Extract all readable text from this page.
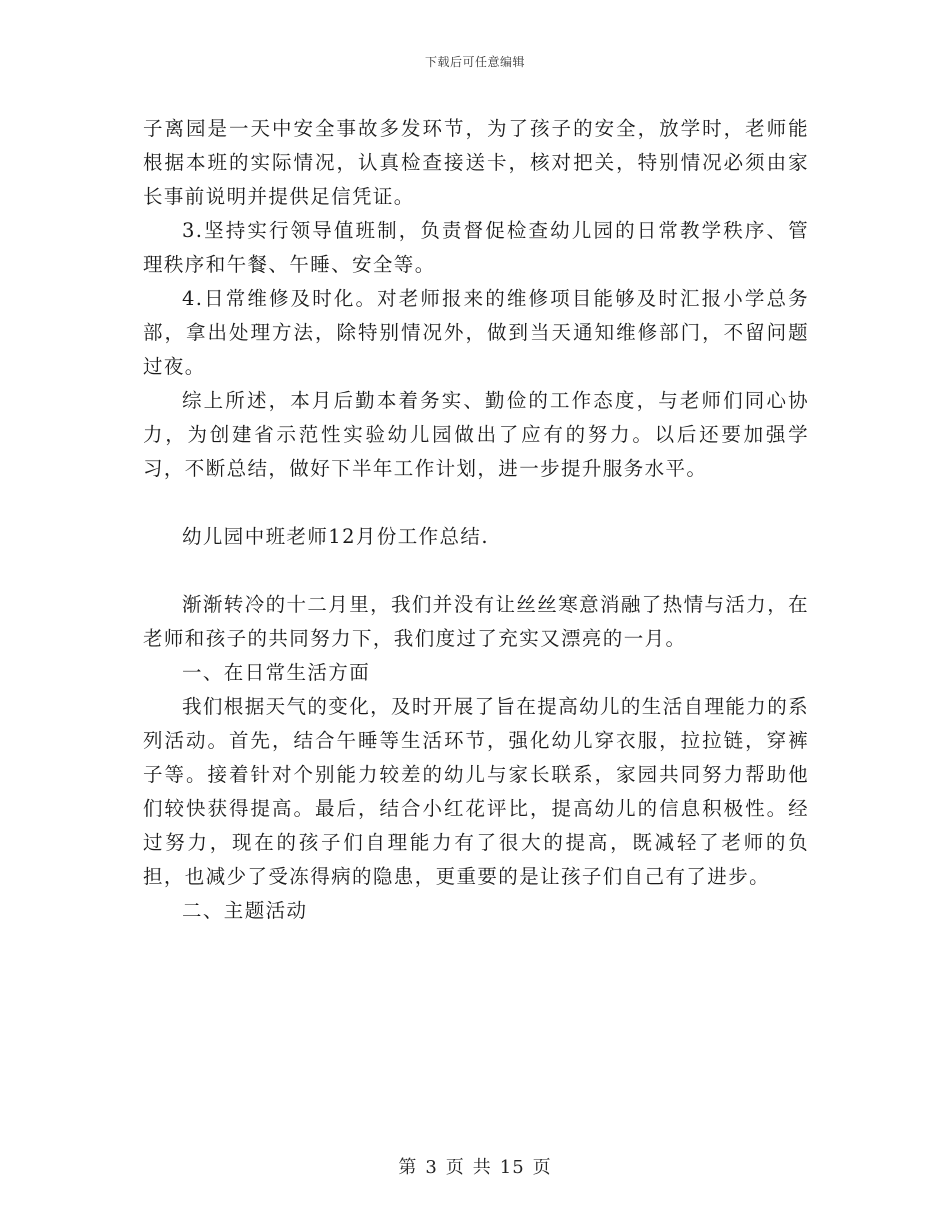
下载后可任意编辑

子离园是一天中安全事故多发环节，为了孩子的安全，放学时，老师能根据本班的实际情况，认真检查接送卡，核对把关，特别情况必须由家长事前说明并提供足信凭证。

3.坚持实行领导值班制，负责督促检查幼儿园的日常教学秩序、管理秩序和午餐、午睡、安全等。

4.日常维修及时化。对老师报来的维修项目能够及时汇报小学总务部，拿出处理方法，除特别情况外，做到当天通知维修部门，不留问题过夜。

综上所述，本月后勤本着务实、勤俭的工作态度，与老师们同心协力，为创建省示范性实验幼儿园做出了应有的努力。以后还要加强学习，不断总结，做好下半年工作计划，进一步提升服务水平。

幼儿园中班老师12月份工作总结.

渐渐转冷的十二月里，我们并没有让丝丝寒意消融了热情与活力，在老师和孩子的共同努力下，我们度过了充实又漂亮的一月。

一、在日常生活方面

我们根据天气的变化，及时开展了旨在提高幼儿的生活自理能力的系列活动。首先，结合午睡等生活环节，强化幼儿穿衣服，拉拉链，穿裤子等。接着针对个别能力较差的幼儿与家长联系，家园共同努力帮助他们较快获得提高。最后，结合小红花评比，提高幼儿的信息积极性。经过努力，现在的孩子们自理能力有了很大的提高，既减轻了老师的负担，也减少了受冻得病的隐患，更重要的是让孩子们自己有了进步。

二、主题活动

第 3 页 共 15 页
